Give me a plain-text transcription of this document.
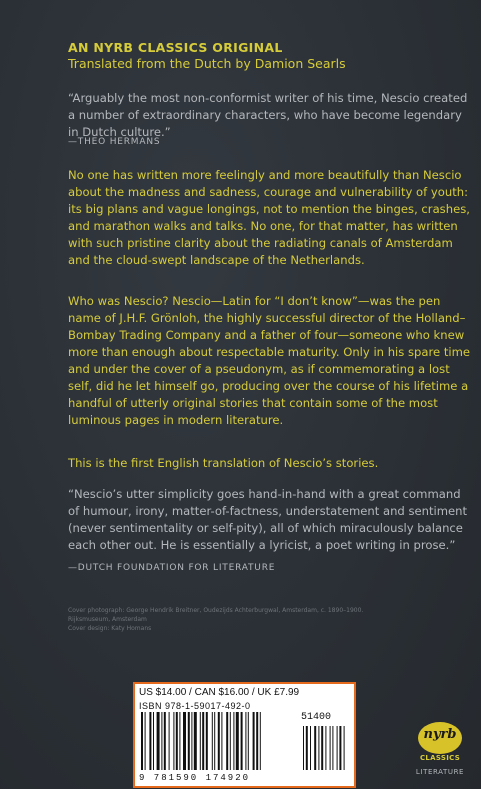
AN NYRB CLASSICS ORIGINAL
Translated from the Dutch by Damion Searls
“Arguably the most non-conformist writer of his time, Nescio created a number of extraordinary characters, who have become legendary in Dutch culture.”
—THEO HERMANS
No one has written more feelingly and more beautifully than Nescio about the madness and sadness, courage and vulnerability of youth: its big plans and vague longings, not to mention the binges, crashes, and marathon walks and talks. No one, for that matter, has written with such pristine clarity about the radiating canals of Amsterdam and the cloud-swept landscape of the Netherlands.
Who was Nescio? Nescio—Latin for “I don’t know”—was the pen name of J.H.F. Grönloh, the highly successful director of the Holland–Bombay Trading Company and a father of four—someone who knew more than enough about respectable maturity. Only in his spare time and under the cover of a pseudonym, as if commemorating a lost self, did he let himself go, producing over the course of his lifetime a handful of utterly original stories that contain some of the most luminous pages in modern literature.
This is the first English translation of Nescio’s stories.
“Nescio’s utter simplicity goes hand-in-hand with a great command of humour, irony, matter-of-factness, understatement and sentiment (never sentimentality or self-pity), all of which miraculously balance each other out. He is essentially a lyricist, a poet writing in prose.”
—DUTCH FOUNDATION FOR LITERATURE
Cover photograph: George Hendrik Breitner, Oudezijds Achterburgwal, Amsterdam, c. 1890–1900. Rijksmuseum, Amsterdam
Cover design: Katy Homans
US $14.00 / CAN $16.00 / UK £7.99
ISBN 978-1-59017-492-0
51400
9 781590 174920
nyrb
CLASSICS
LITERATURE
